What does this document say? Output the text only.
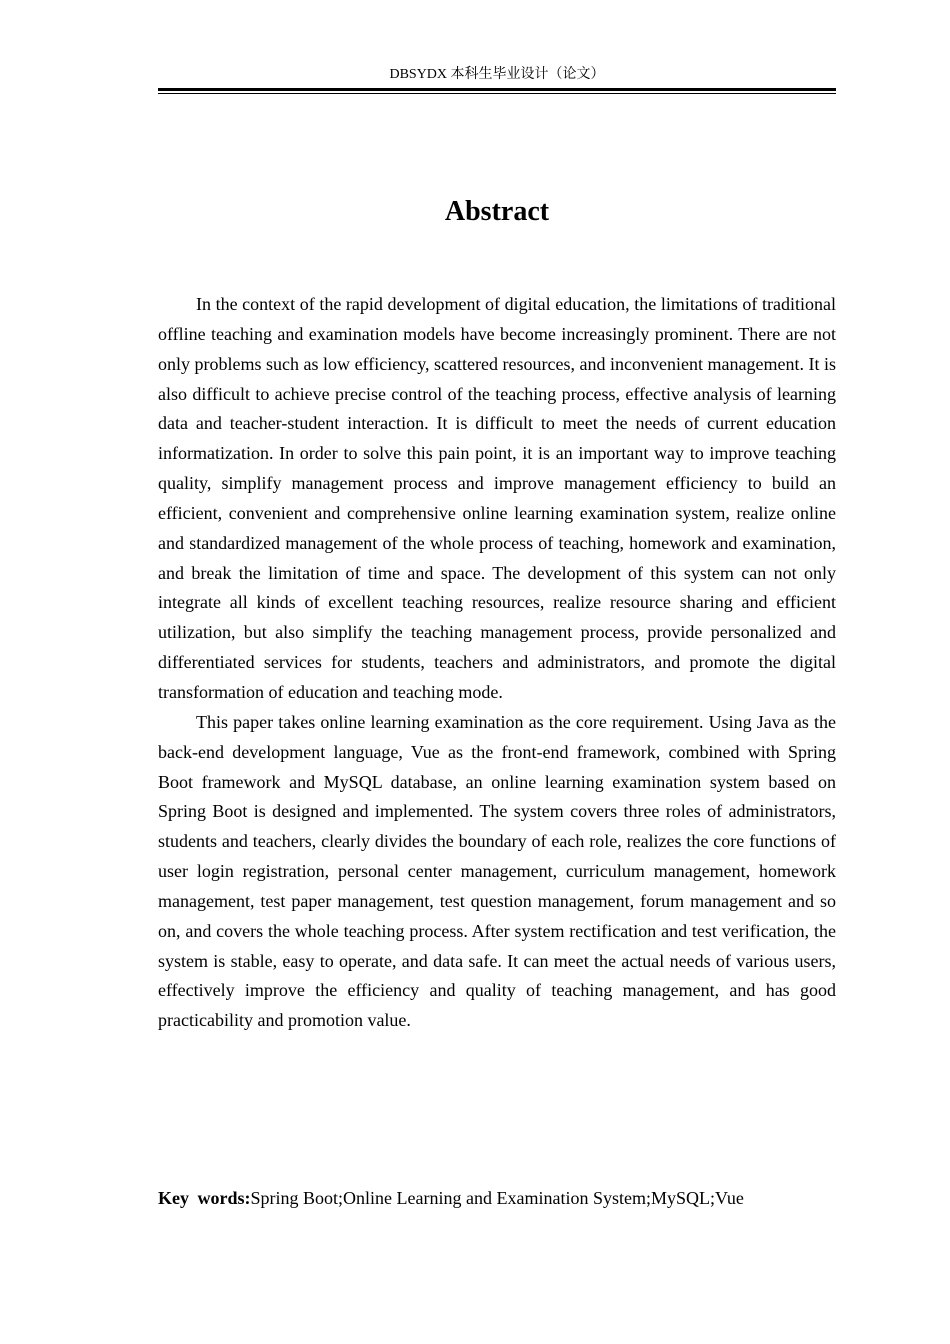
DBSYDX 本科生毕业设计（论文）
Abstract

In the context of the rapid development of digital education, the limitations of traditional offline teaching and examination models have become increasingly prominent. There are not only problems such as low efficiency, scattered resources, and inconvenient management. It is also difficult to achieve precise control of the teaching process, effective analysis of learning data and teacher-student interaction. It is difficult to meet the needs of current education informatization. In order to solve this pain point, it is an important way to improve teaching quality, simplify management process and improve management efficiency to build an efficient, convenient and comprehensive online learning examination system, realize online and standardized management of the whole process of teaching, homework and examination, and break the limitation of time and space. The development of this system can not only integrate all kinds of excellent teaching resources, realize resource sharing and efficient utilization, but also simplify the teaching management process, provide personalized and differentiated services for students, teachers and administrators, and promote the digital transformation of education and teaching mode.

This paper takes online learning examination as the core requirement. Using Java as the back-end development language, Vue as the front-end framework, combined with Spring Boot framework and MySQL database, an online learning examination system based on Spring Boot is designed and implemented. The system covers three roles of administrators, students and teachers, clearly divides the boundary of each role, realizes the core functions of user login registration, personal center management, curriculum management, homework management, test paper management, test question management, forum management and so on, and covers the whole teaching process. After system rectification and test verification, the system is stable, easy to operate, and data safe. It can meet the actual needs of various users, effectively improve the efficiency and quality of teaching management, and has good practicability and promotion value.

Key words:Spring Boot;Online Learning and Examination System;MySQL;Vue
